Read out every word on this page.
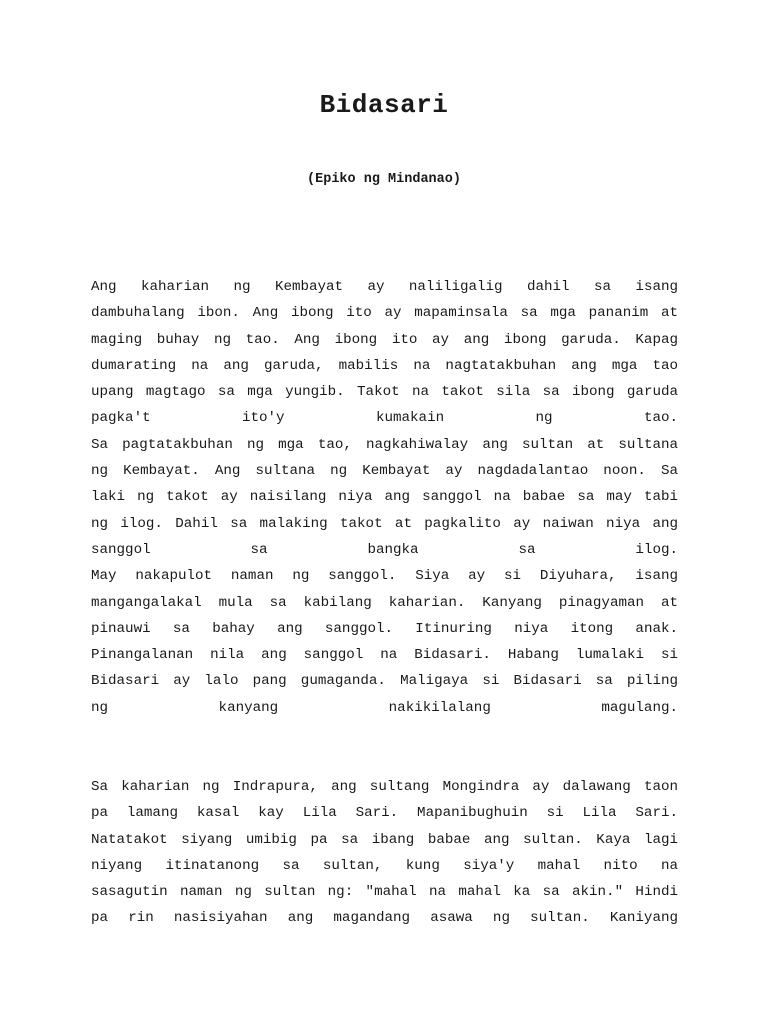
Bidasari
(Epiko ng Mindanao)
Ang kaharian ng Kembayat ay naliligalig dahil sa isang
dambuhalang ibon. Ang ibong ito ay mapaminsala sa mga pananim at
maging buhay ng tao. Ang ibong ito ay ang ibong garuda. Kapag
dumarating na ang garuda, mabilis na nagtatakbuhan ang mga tao
upang magtago sa mga yungib. Takot na takot sila sa ibong garuda
pagka't ito'y kumakain ng tao.
Sa pagtatakbuhan ng mga tao, nagkahiwalay ang sultan at sultana
ng Kembayat. Ang sultana ng Kembayat ay nagdadalantao noon. Sa
laki ng takot ay naisilang niya ang sanggol na babae sa may tabi
ng ilog. Dahil sa malaking takot at pagkalito ay naiwan niya ang
sanggol sa bangka sa ilog.
May nakapulot naman ng sanggol. Siya ay si Diyuhara, isang
mangangalakal mula sa kabilang kaharian. Kanyang pinagyaman at
pinauwi sa bahay ang sanggol. Itinuring niya itong anak.
Pinangalanan nila ang sanggol na Bidasari. Habang lumalaki si
Bidasari ay lalo pang gumaganda. Maligaya si Bidasari sa piling
ng kanyang nakikilalang magulang.
Sa kaharian ng Indrapura, ang sultang Mongindra ay dalawang taon
pa lamang kasal kay Lila Sari. Mapanibughuin si Lila Sari.
Natatakot siyang umibig pa sa ibang babae ang sultan. Kaya lagi
niyang itinatanong sa sultan, kung siya'y mahal nito na
sasagutin naman ng sultan ng: "mahal na mahal ka sa akin." Hindi
pa rin nasisiyahan ang magandang asawa ng sultan. Kaniyang
